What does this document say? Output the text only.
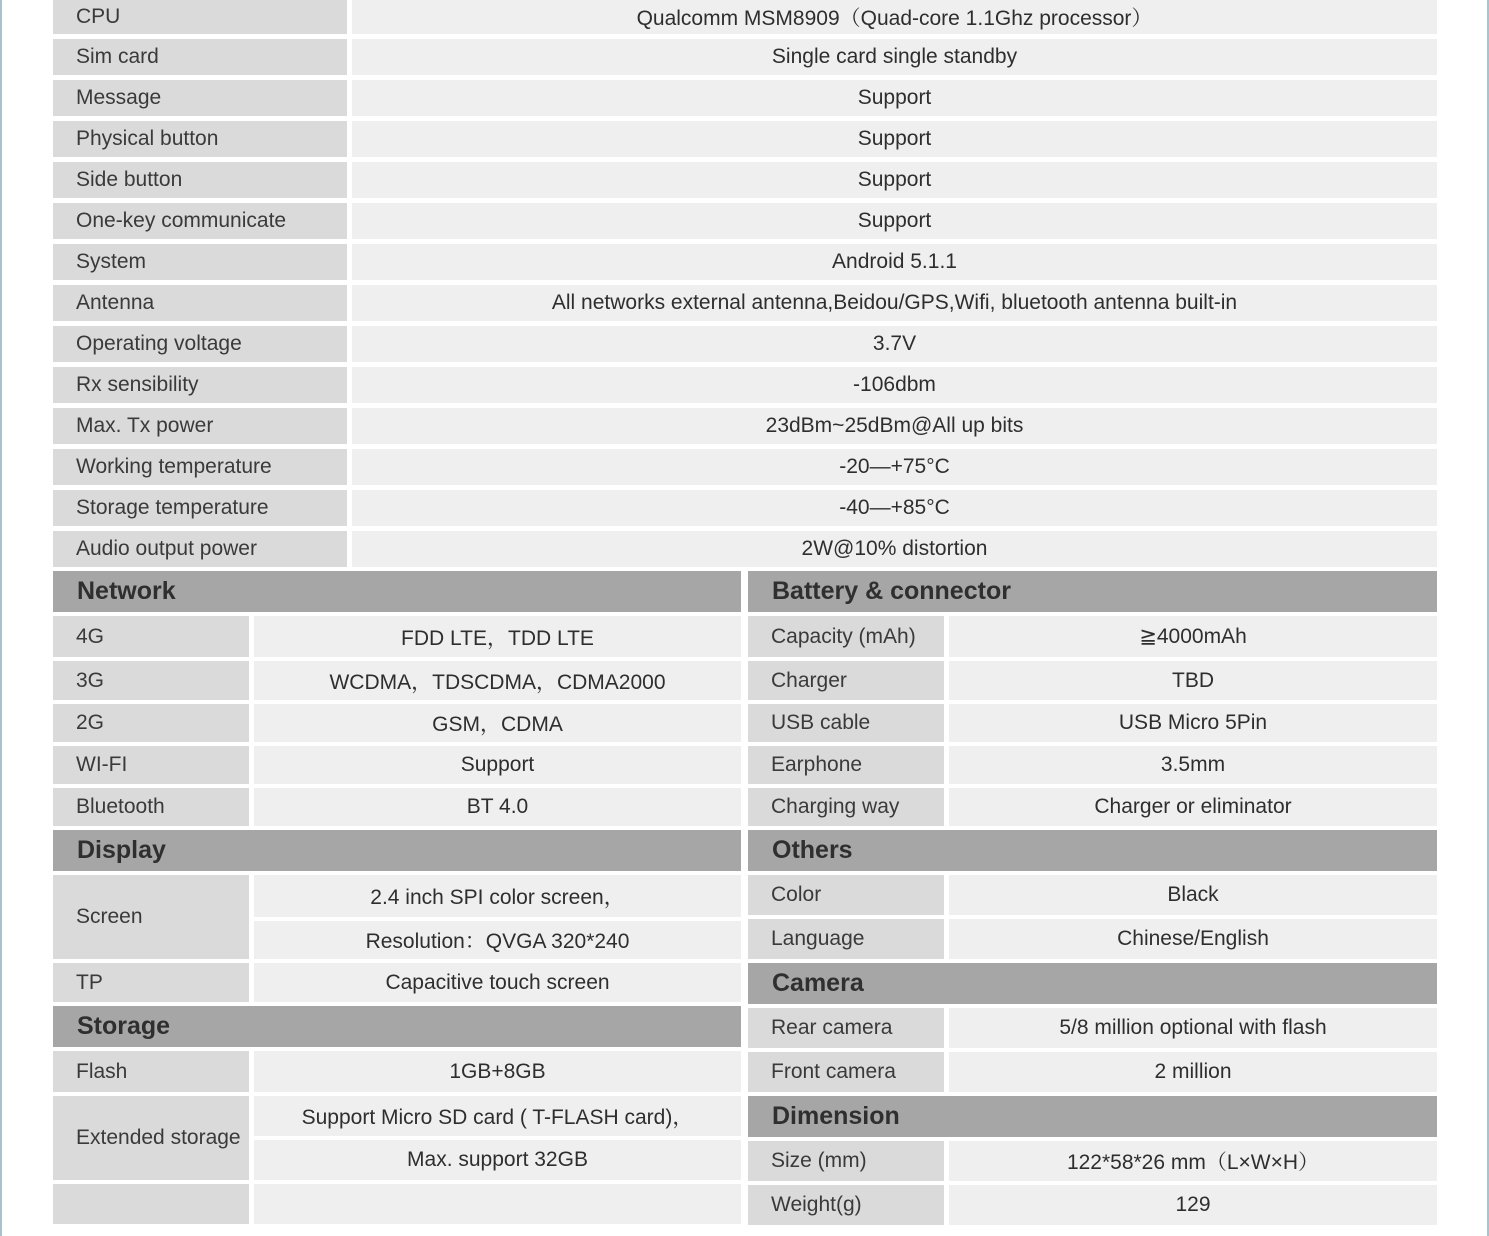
CPU	Qualcomm MSM8909（Quad-core 1.1Ghz processor）
Sim card	Single card single standby
Message	Support
Physical button	Support
Side button	Support
One-key communicate	Support
System	Android 5.1.1
Antenna	All networks external antenna,Beidou/GPS,Wifi, bluetooth antenna built-in
Operating voltage	3.7V
Rx sensibility	-106dbm
Max. Tx power	23dBm~25dBm@All up bits
Working temperature	-20—+75°C
Storage temperature	-40—+85°C
Audio output power	2W@10% distortion
Network
4G	FDD LTE，TDD LTE
3G	WCDMA，TDSCDMA，CDMA2000
2G	GSM，CDMA
WI-FI	Support
Bluetooth	BT 4.0
Display
Screen
2.4 inch SPI color screen，
Resolution：QVGA 320*240
TP	Capacitive touch screen
Storage
Flash	1GB+8GB
Extended storage
Support Micro SD card ( T-FLASH card)，
Max. support 32GB
Battery & connector
Capacity (mAh)	≧4000mAh
Charger	TBD
USB cable	USB Micro 5Pin
Earphone	3.5mm
Charging way	Charger or eliminator
Others
Color	Black
Language	Chinese/English
Camera
Rear camera	5/8 million optional with flash
Front camera	2 million
Dimension
Size (mm)	122*58*26 mm（L×W×H）
Weight(g)	129
